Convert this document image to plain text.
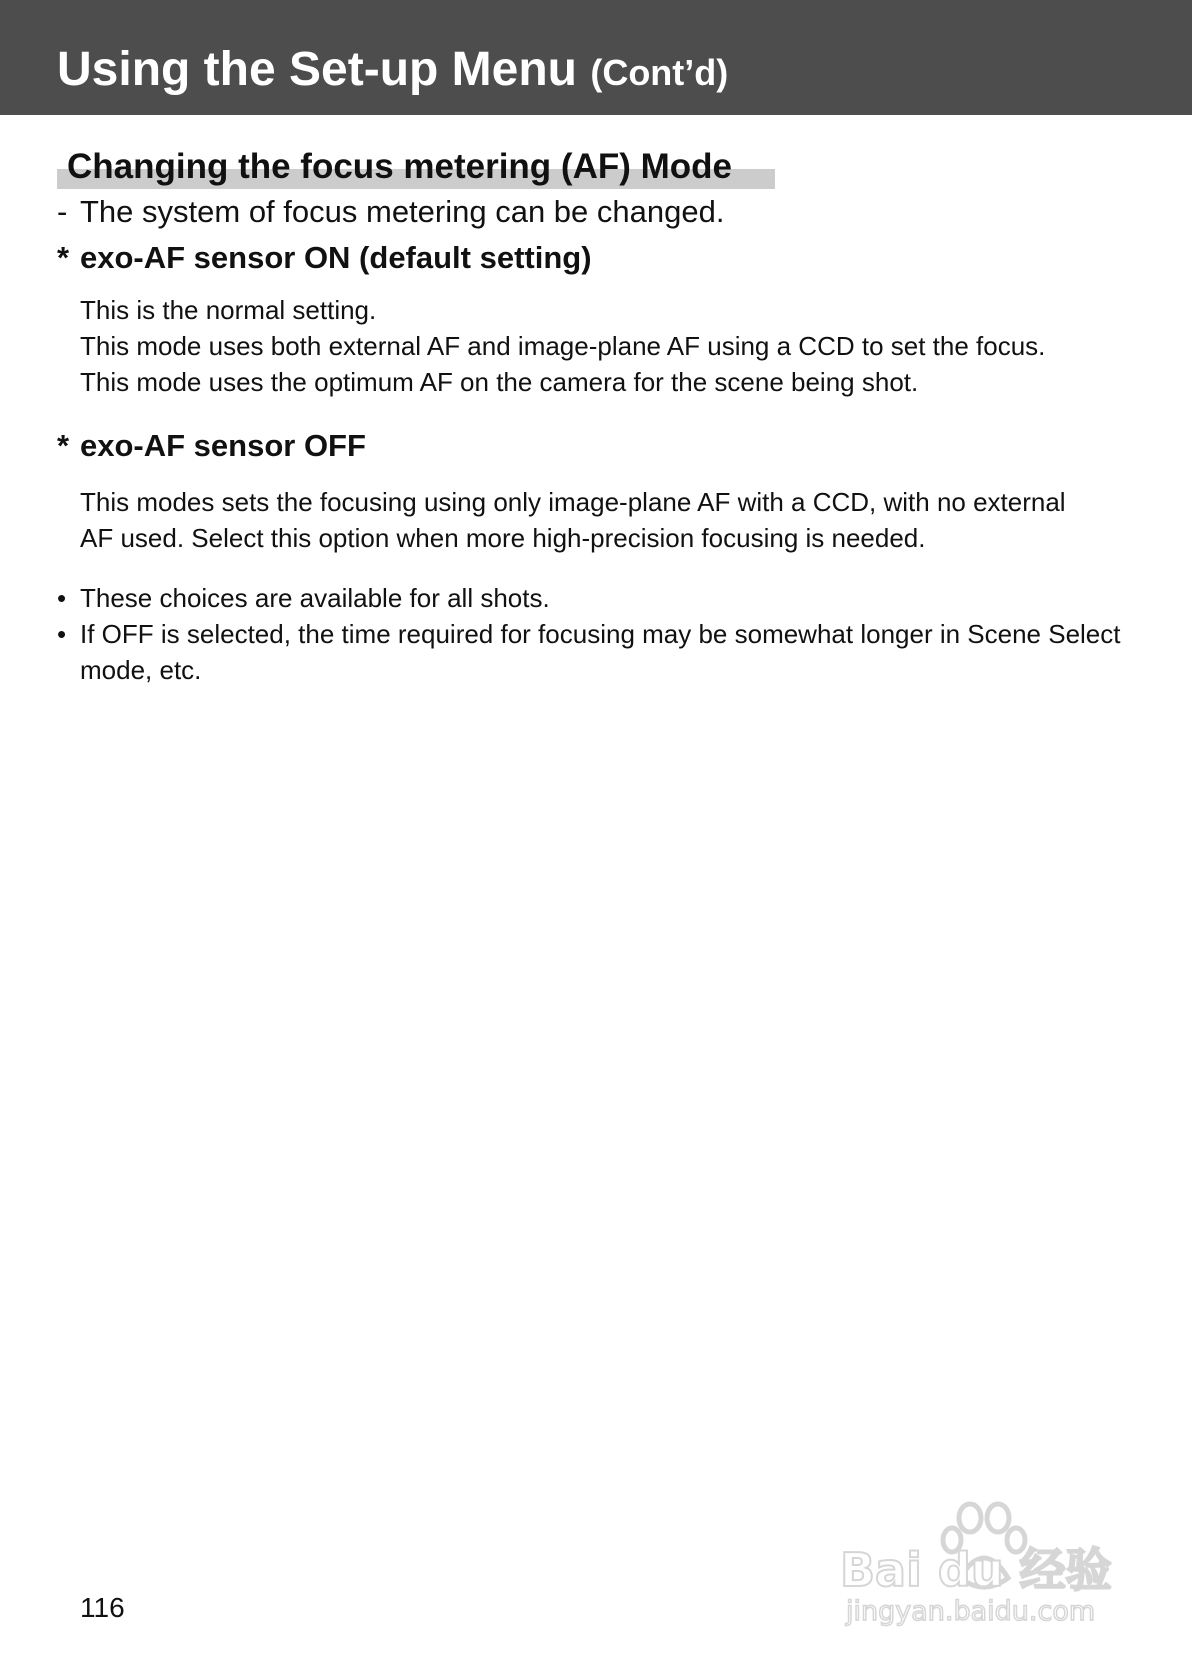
Using the Set-up Menu (Cont’d)
Changing the focus metering (AF) Mode
- The system of focus metering can be changed.
* exo-AF sensor ON (default setting)
This is the normal setting.
This mode uses both external AF and image-plane AF using a CCD to set the focus.
This mode uses the optimum AF on the camera for the scene being shot.
* exo-AF sensor OFF
This modes sets the focusing using only image-plane AF with a CCD, with no external
AF used. Select this option when more high-precision focusing is needed.
• These choices are available for all shots.
• If OFF is selected, the time required for focusing may be somewhat longer in Scene Select mode, etc.
116
Bai du 经验
jingyan.baidu.com
